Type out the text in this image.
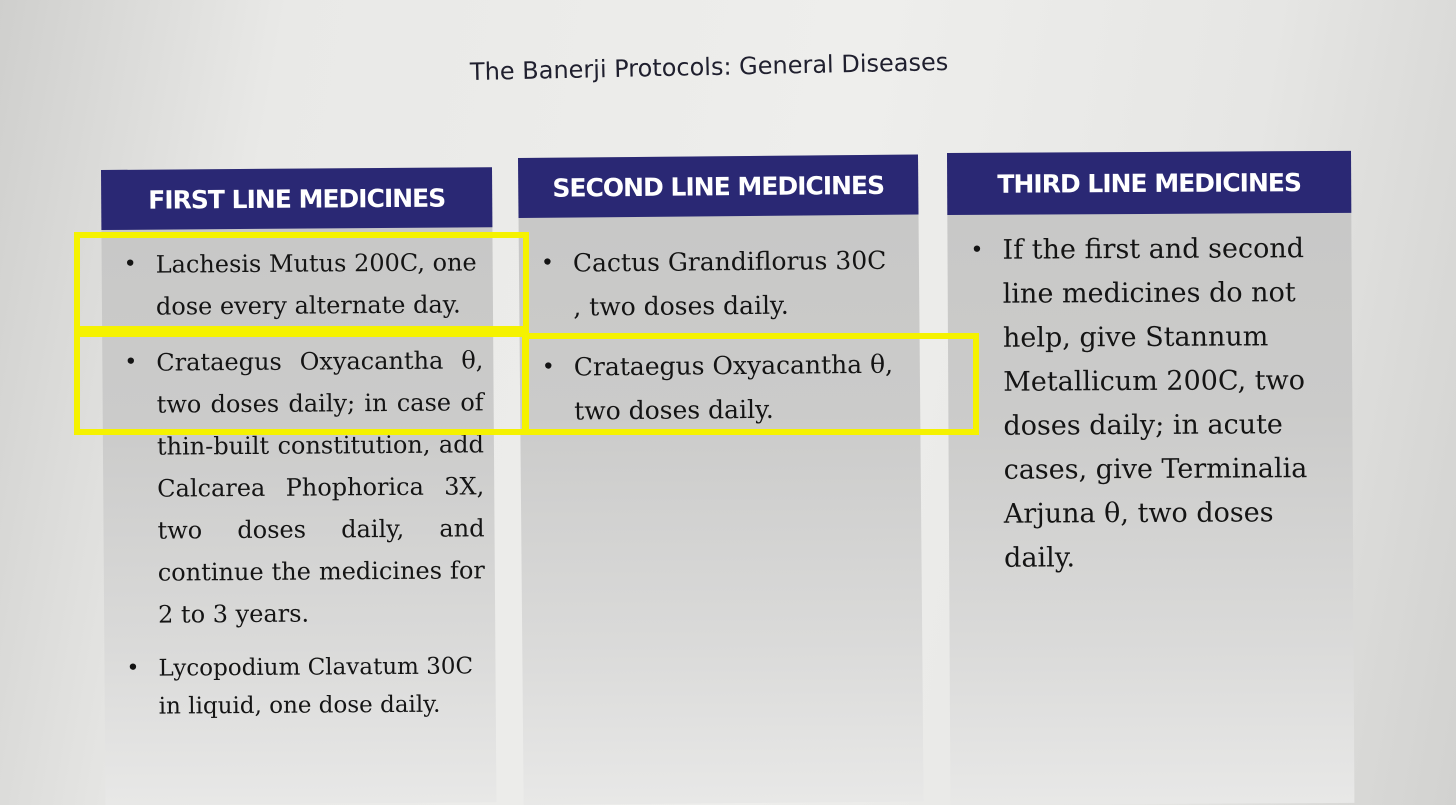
The Banerji Protocols: General Diseases
FIRST LINE MEDICINES
• Lachesis Mutus 200C, one dose every alternate day.
• Crataegus Oxyacantha θ, two doses daily; in case of thin-built constitution, add Calcarea Phophorica 3X, two doses daily, and continue the medicines for 2 to 3 years.
• Lycopodium Clavatum 30C in liquid, one dose daily.
SECOND LINE MEDICINES
• Cactus Grandiflorus 30C , two doses daily.
• Crataegus Oxyacantha θ, two doses daily.
THIRD LINE MEDICINES
• If the first and second line medicines do not help, give Stannum Metallicum 200C, two doses daily; in acute cases, give Terminalia Arjuna θ, two doses daily.
